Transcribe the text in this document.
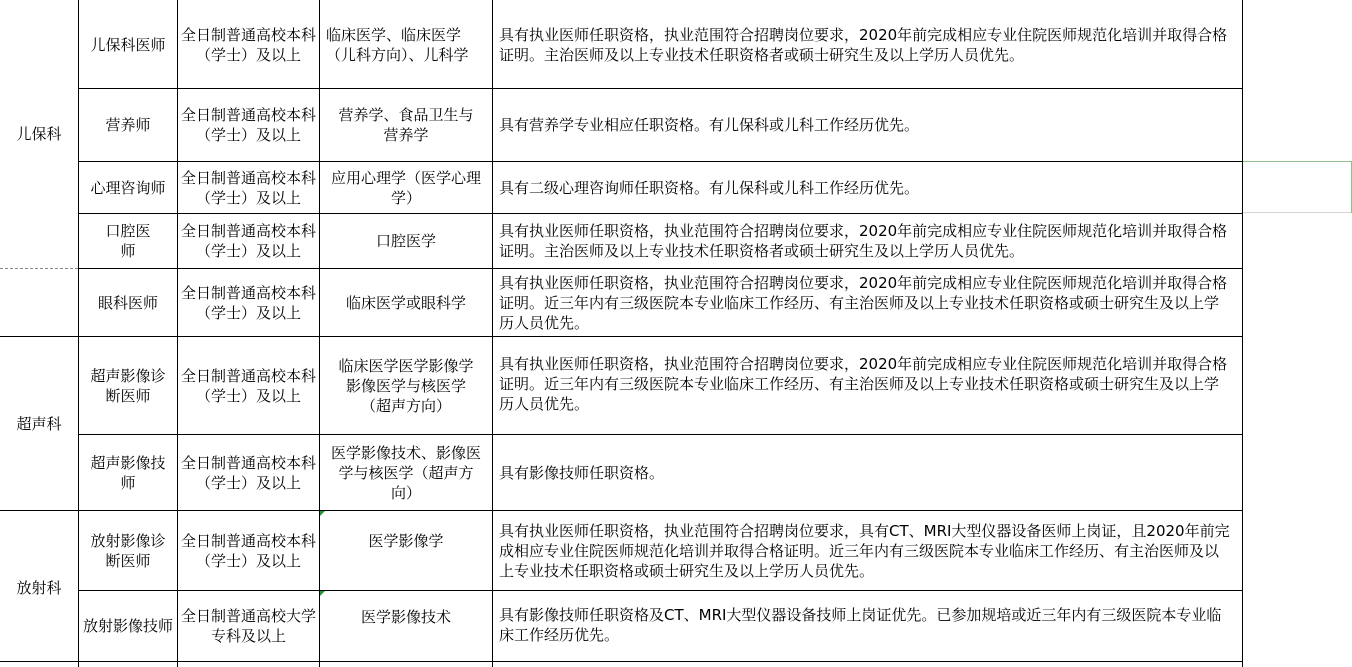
儿保科
超声科
放射科
儿保科医师
全日制普通高校本科（学士）及以上
临床医学、临床医学（儿科方向）、儿科学
具有执业医师任职资格，执业范围符合招聘岗位要求，2020年前完成相应专业住院医师规范化培训并取得合格证明。主治医师及以上专业技术任职资格者或硕士研究生及以上学历人员优先。
营养师
全日制普通高校本科（学士）及以上
营养学、食品卫生与营养学
具有营养学专业相应任职资格。有儿保科或儿科工作经历优先。
心理咨询师
全日制普通高校本科（学士）及以上
应用心理学（医学心理学）
具有二级心理咨询师任职资格。有儿保科或儿科工作经历优先。
口腔医师
全日制普通高校本科（学士）及以上
口腔医学
具有执业医师任职资格，执业范围符合招聘岗位要求，2020年前完成相应专业住院医师规范化培训并取得合格证明。主治医师及以上专业技术任职资格者或硕士研究生及以上学历人员优先。
眼科医师
全日制普通高校本科（学士）及以上
临床医学或眼科学
具有执业医师任职资格，执业范围符合招聘岗位要求，2020年前完成相应专业住院医师规范化培训并取得合格证明。近三年内有三级医院本专业临床工作经历、有主治医师及以上专业技术任职资格或硕士研究生及以上学历人员优先。
超声影像诊断医师
全日制普通高校本科（学士）及以上
临床医学医学影像学影像医学与核医学（超声方向）
具有执业医师任职资格，执业范围符合招聘岗位要求，2020年前完成相应专业住院医师规范化培训并取得合格证明。近三年内有三级医院本专业临床工作经历、有主治医师及以上专业技术任职资格或硕士研究生及以上学历人员优先。
超声影像技师
全日制普通高校本科（学士）及以上
医学影像技术、影像医学与核医学（超声方向）
具有影像技师任职资格。
放射影像诊断医师
全日制普通高校本科（学士）及以上
医学影像学
具有执业医师任职资格，执业范围符合招聘岗位要求，具有CT、MRI大型仪器设备医师上岗证，且2020年前完成相应专业住院医师规范化培训并取得合格证明。近三年内有三级医院本专业临床工作经历、有主治医师及以上专业技术任职资格或硕士研究生及以上学历人员优先。
放射影像技师
全日制普通高校大学专科及以上
医学影像技术	具有影像技师任职资格及CT、MRI大型仪器设备技师上岗证优先。已参加规培或近三年内有三级医院本专业临床工作经历优先。
